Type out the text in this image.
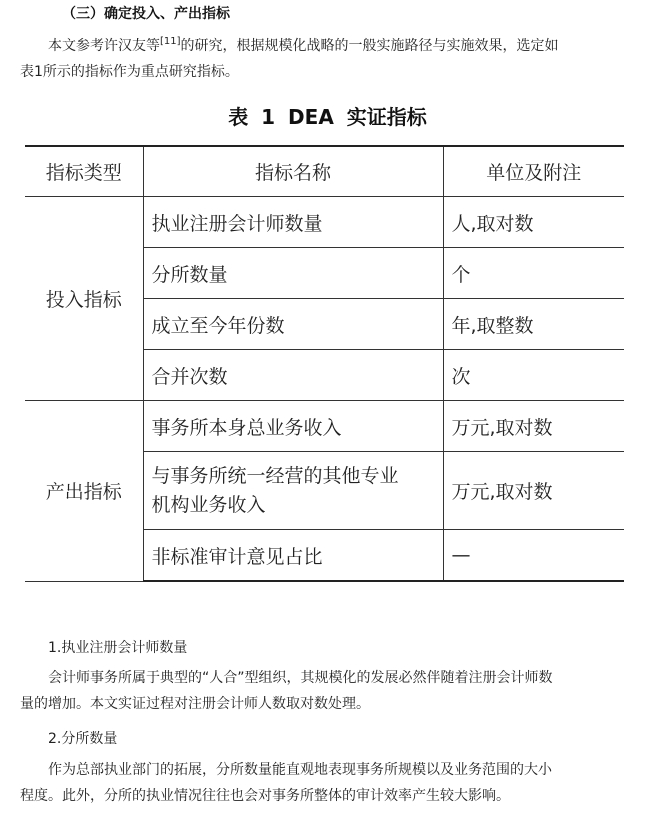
（三）确定投入、产出指标
本文参考许汉友等[11]的研究，根据规模化战略的一般实施路径与实施效果，选定如
表1所示的指标作为重点研究指标。
表 1 DEA 实证指标
指标类型	指标名称	单位及附注
投入指标	执业注册会计师数量	人,取对数
	分所数量	个
	成立至今年份数	年,取整数
	合并次数	次
产出指标	事务所本身总业务收入	万元,取对数
	与事务所统一经营的其他专业
机构业务收入	万元,取对数
	非标准审计意见占比	—
1.执业注册会计师数量
会计师事务所属于典型的“人合”型组织，其规模化的发展必然伴随着注册会计师数
量的增加。本文实证过程对注册会计师人数取对数处理。
2.分所数量
作为总部执业部门的拓展，分所数量能直观地表现事务所规模以及业务范围的大小
程度。此外，分所的执业情况往往也会对事务所整体的审计效率产生较大影响。
